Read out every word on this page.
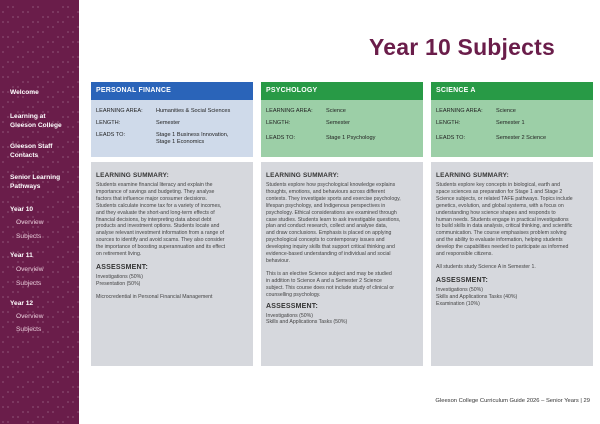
Welcome
Learning at
Gleeson College
Gleeson Staff
Contacts
Senior Learning
Pathways
Year 10
Overview
Subjects
Year 11
Overview
Subjects
Year 12
Overview
Subjects
Year 10 Subjects
PERSONAL FINANCE
LEARNING AREA:	Humanities & Social Sciences
LENGTH:	Semester
LEADS TO:	Stage 1 Business Innovation,
Stage 1 Economics
LEARNING SUMMARY:
Students examine financial literacy and explain the
importance of savings and budgeting. They analyse
factors that influence major consumer decisions.
Students calculate income tax for a variety of incomes,
and they evaluate the short-and long-term effects of
financial decisions, by interpreting data about debt
products and investment options. Students locate and
analyse relevant investment information from a range of
sources to identify and avoid scams. They also consider
the importance of boosting superannuation and its effect
on retirement living.
ASSESSMENT:
Investigations (50%)
Presentation (50%)
Microcredential in Personal Financial Management
PSYCHOLOGY
LEARNING AREA:	Science
LENGTH:	Semester
LEADS TO:	Stage 1 Psychology
LEARNING SUMMARY:
Students explore how psychological knowledge explains
thoughts, emotions, and behaviours across different
contexts. They investigate sports and exercise psychology,
lifespan psychology, and Indigenous perspectives in
psychology. Ethical considerations are examined through
case studies. Students learn to ask investigable questions,
plan and conduct research, collect and analyse data,
and draw conclusions. Emphasis is placed on applying
psychological concepts to contemporary issues and
developing inquiry skills that support critical thinking and
evidence-based understanding of individual and social
behaviour.
This is an elective Science subject and may be studied
in addition to Science A and a Semester 2 Science
subject. This course does not include study of clinical or
counselling psychology.
ASSESSMENT:
Investigations (50%)
Skills and Applications Tasks (50%)
SCIENCE A
LEARNING AREA:	Science
LENGTH:	Semester 1
LEADS TO:	Semester 2 Science
LEARNING SUMMARY:
Students explore key concepts in biological, earth and
space sciences as preparation for Stage 1 and Stage 2
Science subjects, or related TAFE pathways. Topics include
genetics, evolution, and global systems, with a focus on
understanding how science shapes and responds to
human needs. Students engage in practical investigations
to build skills in data analysis, critical thinking, and scientific
communication. The course emphasises problem solving
and the ability to evaluate information, helping students
develop the capabilities needed to participate as informed
and responsible citizens.
All students study Science A in Semester 1.
ASSESSMENT:
Investigations (50%)
Skills and Applications Tasks (40%)
Examination (10%)
Gleeson College Curriculum Guide 2026 – Senior Years | 29
